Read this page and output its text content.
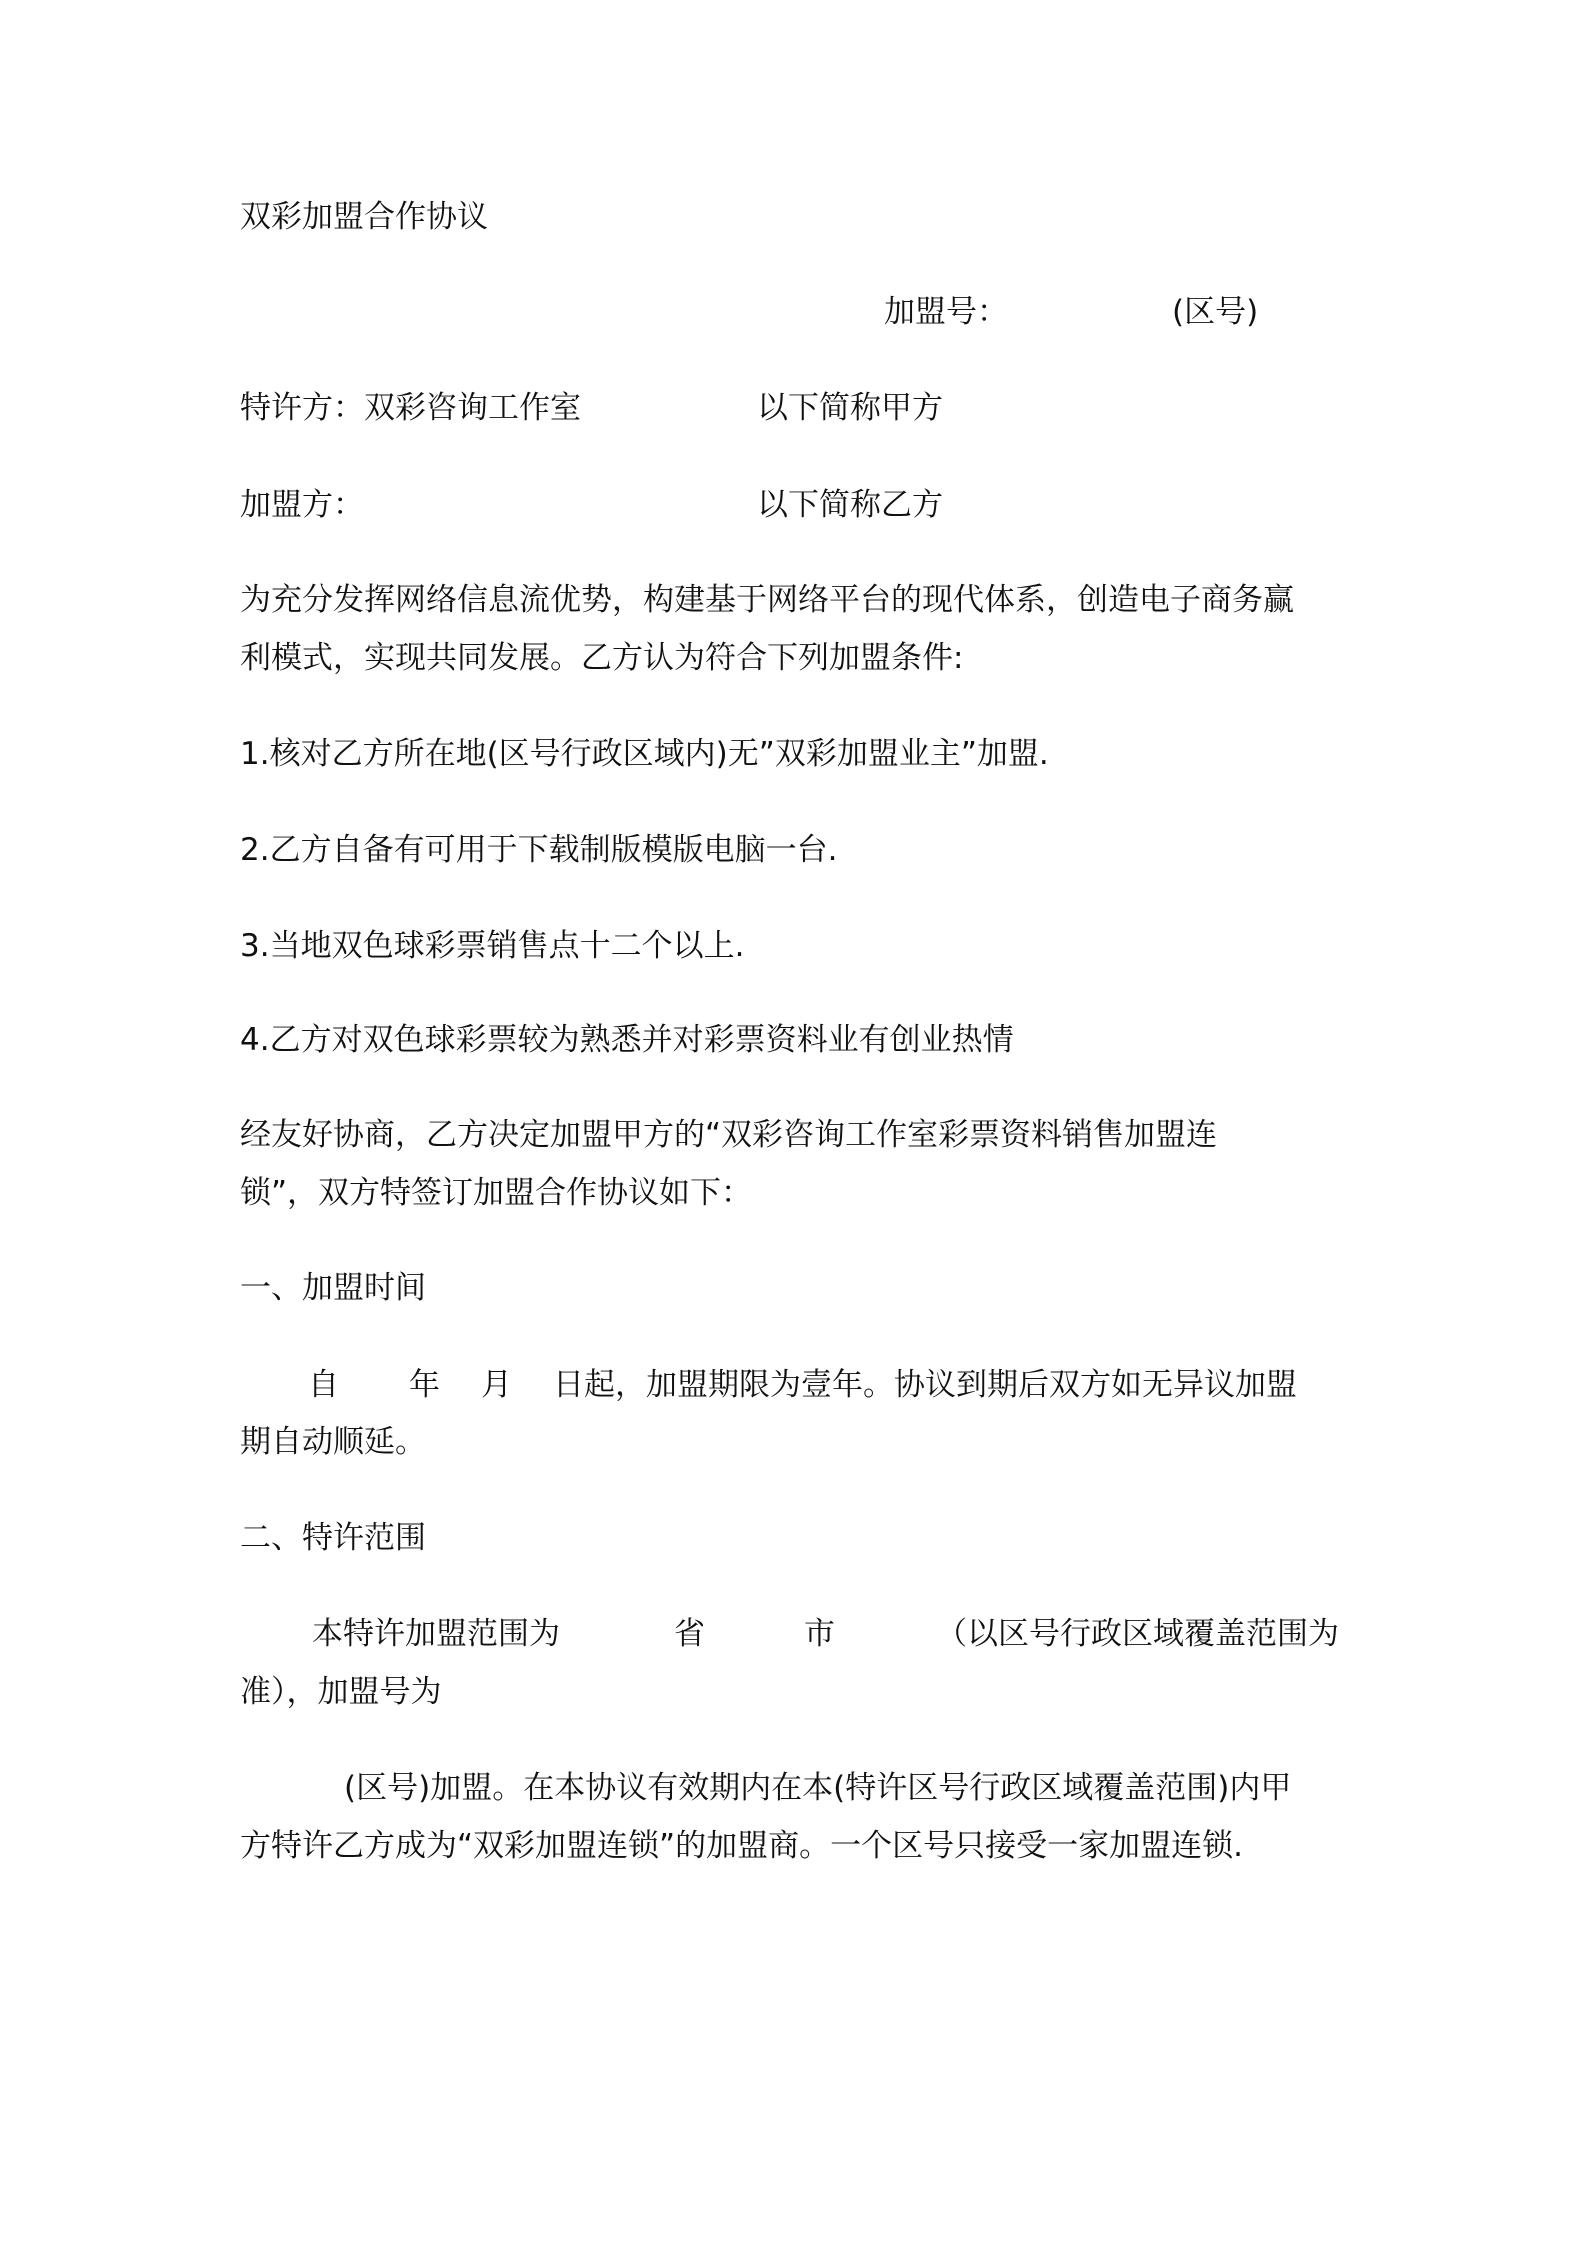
双彩加盟合作协议
加盟号：	(区号)
特许方：双彩咨询工作室	以下简称甲方
加盟方：	以下简称乙方
为充分发挥网络信息流优势，构建基于网络平台的现代体系，创造电子商务赢
利模式，实现共同发展。乙方认为符合下列加盟条件:
1.核对乙方所在地(区号行政区域内)无”双彩加盟业主”加盟.
2.乙方自备有可用于下载制版模版电脑一台.
3.当地双色球彩票销售点十二个以上.
4.乙方对双色球彩票较为熟悉并对彩票资料业有创业热情
经友好协商，乙方决定加盟甲方的“双彩咨询工作室彩票资料销售加盟连
锁”，双方特签订加盟合作协议如下：
一、加盟时间
自 年 月 日起，加盟期限为壹年。协议到期后双方如无异议加盟
期自动顺延。
二、特许范围
本特许加盟范围为	省	市	（以区号行政区域覆盖范围为
准），加盟号为
(区号)加盟。在本协议有效期内在本(特许区号行政区域覆盖范围)内甲
方特许乙方成为“双彩加盟连锁”的加盟商。一个区号只接受一家加盟连锁.
